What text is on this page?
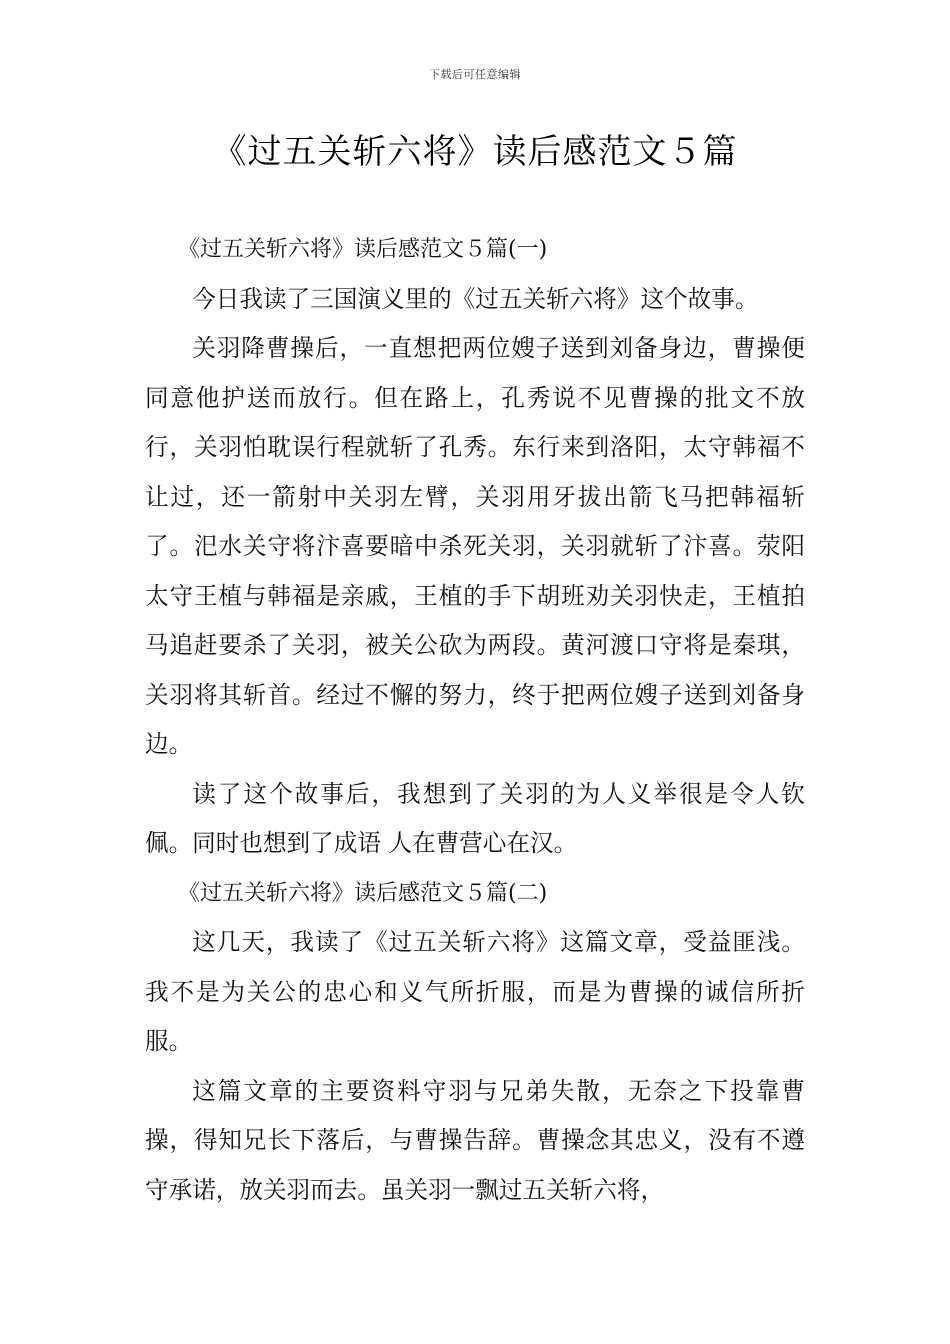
下载后可任意编辑
《过五关斩六将》读后感范文５篇

《过五关斩六将》读后感范文５篇(一)

今日我读了三国演义里的《过五关斩六将》这个故事。

关羽降曹操后，一直想把两位嫂子送到刘备身边，曹操便同意他护送而放行。但在路上，孔秀说不见曹操的批文不放行，关羽怕耽误行程就斩了孔秀。东行来到洛阳，太守韩福不让过，还一箭射中关羽左臂，关羽用牙拔出箭飞马把韩福斩了。汜水关守将汴喜要暗中杀死关羽，关羽就斩了汴喜。荥阳太守王植与韩福是亲戚，王植的手下胡班劝关羽快走，王植拍马追赶要杀了关羽，被关公砍为两段。黄河渡口守将是秦琪，关羽将其斩首。经过不懈的努力，终于把两位嫂子送到刘备身边。

读了这个故事后，我想到了关羽的为人义举很是令人钦佩。同时也想到了成语 人在曹营心在汉。

《过五关斩六将》读后感范文５篇(二)

这几天，我读了《过五关斩六将》这篇文章，受益匪浅。我不是为关公的忠心和义气所折服，而是为曹操的诚信所折服。

这篇文章的主要资料守羽与兄弟失散，无奈之下投靠曹操，得知兄长下落后，与曹操告辞。曹操念其忠义，没有不遵守承诺，放关羽而去。虽关羽一飘过五关斩六将，
